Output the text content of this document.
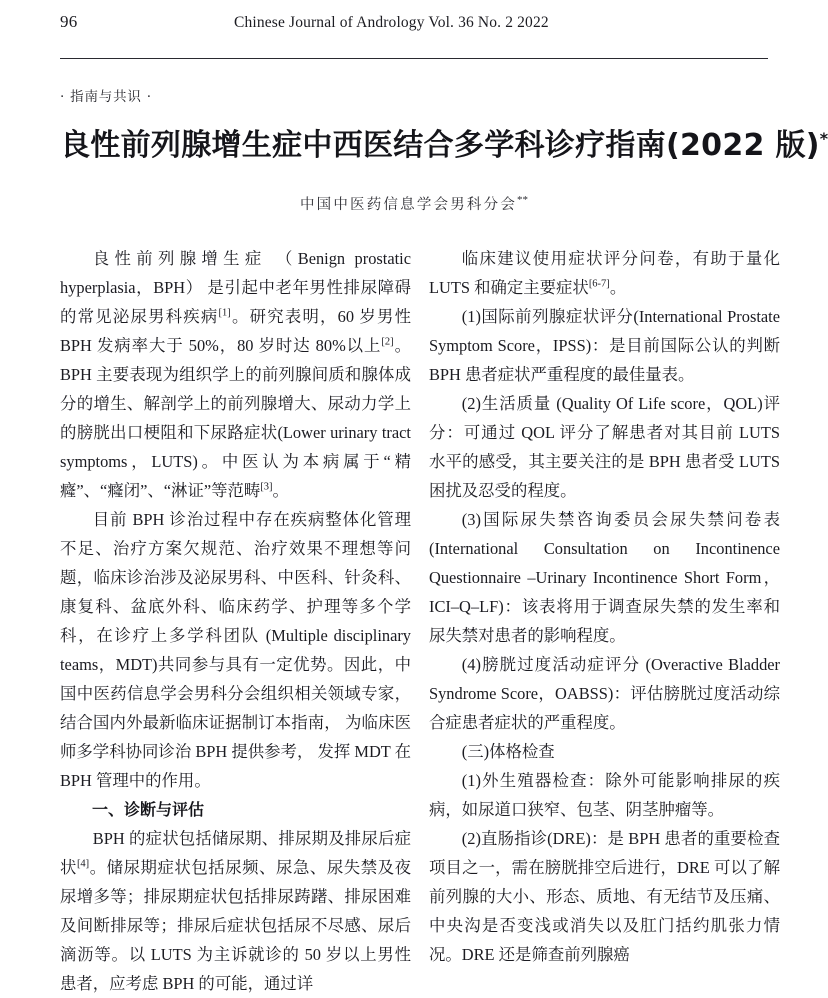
96	Chinese Journal of Andrology Vol. 36 No. 2 2022
· 指南与共识 ·
良性前列腺增生症中西医结合多学科诊疗指南(2022 版)*
中国中医药信息学会男科分会**

良性前列腺增生症 （Benign prostatic hyperplasia，BPH） 是引起中老年男性排尿障碍的常见泌尿男科疾病[1]。研究表明，60 岁男性 BPH 发病率大于 50%，80 岁时达 80%以上[2]。BPH 主要表现为组织学上的前列腺间质和腺体成分的增生、解剖学上的前列腺增大、尿动力学上的膀胱出口梗阻和下尿路症状(Lower urinary tract symptoms，LUTS)。中医认为本病属于“精癃”、“癃闭”、“淋证”等范畴[3]。

目前 BPH 诊治过程中存在疾病整体化管理不足、治疗方案欠规范、治疗效果不理想等问题，临床诊治涉及泌尿男科、中医科、针灸科、康复科、盆底外科、临床药学、护理等多个学科，在诊疗上多学科团队 (Multiple disciplinary teams，MDT)共同参与具有一定优势。因此，中国中医药信息学会男科分会组织相关领域专家，结合国内外最新临床证据制订本指南， 为临床医师多学科协同诊治 BPH 提供参考， 发挥 MDT 在 BPH 管理中的作用。

一、诊断与评估

BPH 的症状包括储尿期、排尿期及排尿后症状[4]。储尿期症状包括尿频、尿急、尿失禁及夜尿增多等；排尿期症状包括排尿踌躇、排尿困难及间断排尿等；排尿后症状包括尿不尽感、尿后滴沥等。以 LUTS 为主诉就诊的 50 岁以上男性患者，应考虑 BPH 的可能，通过详

临床建议使用症状评分问卷，有助于量化 LUTS 和确定主要症状[6-7]。

(1)国际前列腺症状评分(International Prostate Symptom Score，IPSS)：是目前国际公认的判断 BPH 患者症状严重程度的最佳量表。

(2)生活质量 (Quality Of Life score，QOL)评分：可通过 QOL 评分了解患者对其目前 LUTS 水平的感受，其主要关注的是 BPH 患者受 LUTS 困扰及忍受的程度。

(3)国际尿失禁咨询委员会尿失禁问卷表(International Consultation on Incontinence Questionnaire –Urinary Incontinence Short Form，ICI–Q–LF)：该表将用于调查尿失禁的发生率和尿失禁对患者的影响程度。

(4)膀胱过度活动症评分 (Overactive Bladder Syndrome Score，OABSS)：评估膀胱过度活动综合症患者症状的严重程度。

(三)体格检查

(1)外生殖器检查：除外可能影响排尿的疾病，如尿道口狭窄、包茎、阴茎肿瘤等。

(2)直肠指诊(DRE)：是 BPH 患者的重要检查项目之一，需在膀胱排空后进行，DRE 可以了解前列腺的大小、形态、质地、有无结节及压痛、中央沟是否变浅或消失以及肛门括约肌张力情况。DRE 还是筛查前列腺癌
